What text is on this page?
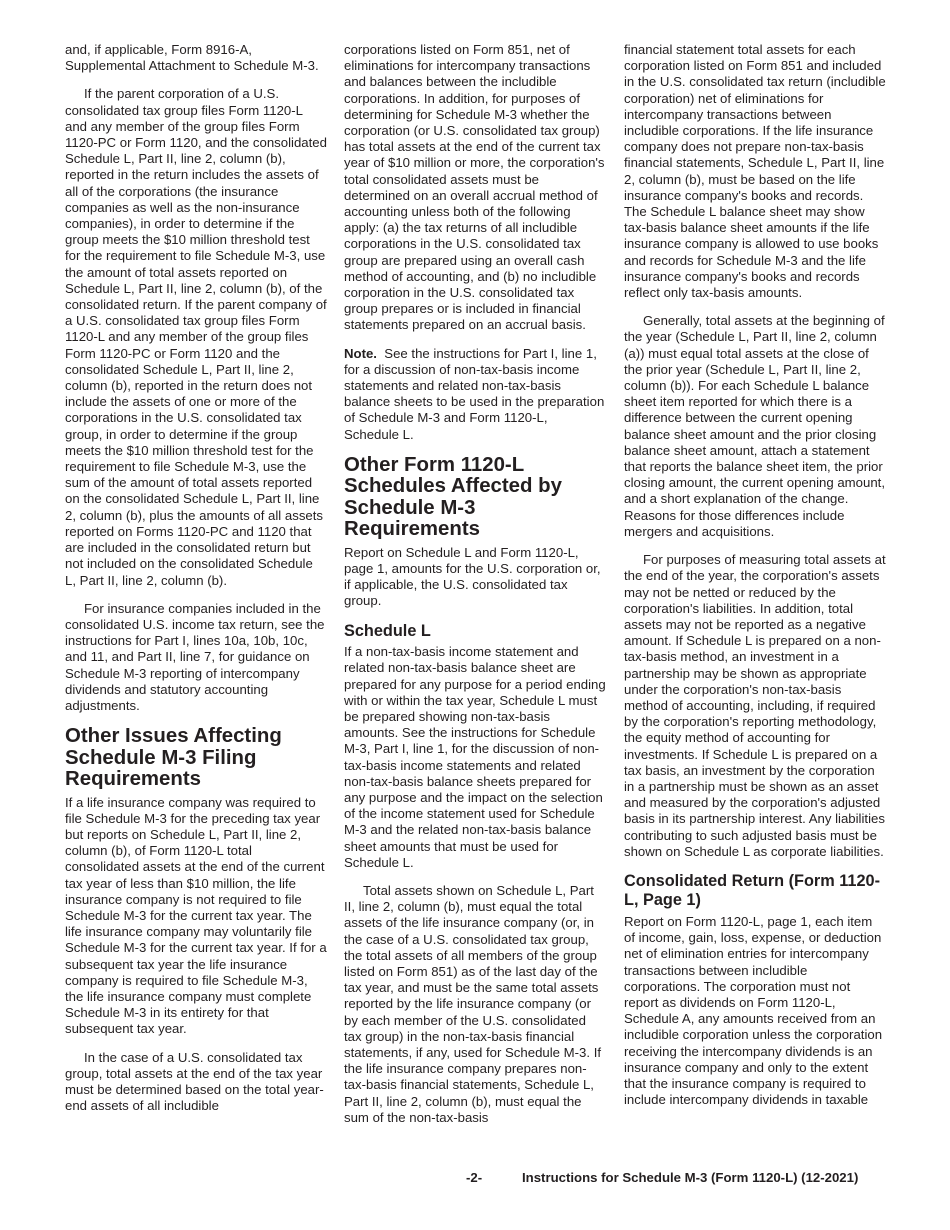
and, if applicable, Form 8916-A, Supplemental Attachment to Schedule M-3.

If the parent corporation of a U.S. consolidated tax group files Form 1120-L and any member of the group files Form 1120-PC or Form 1120, and the consolidated Schedule L, Part II, line 2, column (b), reported in the return includes the assets of all of the corporations (the insurance companies as well as the non-insurance companies), in order to determine if the group meets the $10 million threshold test for the requirement to file Schedule M-3, use the amount of total assets reported on Schedule L, Part II, line 2, column (b), of the consolidated return. If the parent company of a U.S. consolidated tax group files Form 1120-L and any member of the group files Form 1120-PC or Form 1120 and the consolidated Schedule L, Part II, line 2, column (b), reported in the return does not include the assets of one or more of the corporations in the U.S. consolidated tax group, in order to determine if the group meets the $10 million threshold test for the requirement to file Schedule M-3, use the sum of the amount of total assets reported on the consolidated Schedule L, Part II, line 2, column (b), plus the amounts of all assets reported on Forms 1120-PC and 1120 that are included in the consolidated return but not included on the consolidated Schedule L, Part II, line 2, column (b).

For insurance companies included in the consolidated U.S. income tax return, see the instructions for Part I, lines 10a, 10b, 10c, and 11, and Part II, line 7, for guidance on Schedule M-3 reporting of intercompany dividends and statutory accounting adjustments.

Other Issues Affecting Schedule M-3 Filing Requirements

If a life insurance company was required to file Schedule M-3 for the preceding tax year but reports on Schedule L, Part II, line 2, column (b), of Form 1120-L total consolidated assets at the end of the current tax year of less than $10 million, the life insurance company is not required to file Schedule M-3 for the current tax year. The life insurance company may voluntarily file Schedule M-3 for the current tax year. If for a subsequent tax year the life insurance company is required to file Schedule M-3, the life insurance company must complete Schedule M-3 in its entirety for that subsequent tax year.

In the case of a U.S. consolidated tax group, total assets at the end of the tax year must be determined based on the total year-end assets of all includible

corporations listed on Form 851, net of eliminations for intercompany transactions and balances between the includible corporations. In addition, for purposes of determining for Schedule M-3 whether the corporation (or U.S. consolidated tax group) has total assets at the end of the current tax year of $10 million or more, the corporation's total consolidated assets must be determined on an overall accrual method of accounting unless both of the following apply: (a) the tax returns of all includible corporations in the U.S. consolidated tax group are prepared using an overall cash method of accounting, and (b) no includible corporation in the U.S. consolidated tax group prepares or is included in financial statements prepared on an accrual basis.

Note. See the instructions for Part I, line 1, for a discussion of non-tax-basis income statements and related non-tax-basis balance sheets to be used in the preparation of Schedule M-3 and Form 1120-L, Schedule L.

Other Form 1120-L Schedules Affected by Schedule M-3 Requirements

Report on Schedule L and Form 1120-L, page 1, amounts for the U.S. corporation or, if applicable, the U.S. consolidated tax group.

Schedule L

If a non-tax-basis income statement and related non-tax-basis balance sheet are prepared for any purpose for a period ending with or within the tax year, Schedule L must be prepared showing non-tax-basis amounts. See the instructions for Schedule M-3, Part I, line 1, for the discussion of non-tax-basis income statements and related non-tax-basis balance sheets prepared for any purpose and the impact on the selection of the income statement used for Schedule M-3 and the related non-tax-basis balance sheet amounts that must be used for Schedule L.

Total assets shown on Schedule L, Part II, line 2, column (b), must equal the total assets of the life insurance company (or, in the case of a U.S. consolidated tax group, the total assets of all members of the group listed on Form 851) as of the last day of the tax year, and must be the same total assets reported by the life insurance company (or by each member of the U.S. consolidated tax group) in the non-tax-basis financial statements, if any, used for Schedule M-3. If the life insurance company prepares non-tax-basis financial statements, Schedule L, Part II, line 2, column (b), must equal the sum of the non-tax-basis

financial statement total assets for each corporation listed on Form 851 and included in the U.S. consolidated tax return (includible corporation) net of eliminations for intercompany transactions between includible corporations. If the life insurance company does not prepare non-tax-basis financial statements, Schedule L, Part II, line 2, column (b), must be based on the life insurance company's books and records. The Schedule L balance sheet may show tax-basis balance sheet amounts if the life insurance company is allowed to use books and records for Schedule M-3 and the life insurance company's books and records reflect only tax-basis amounts.

Generally, total assets at the beginning of the year (Schedule L, Part II, line 2, column (a)) must equal total assets at the close of the prior year (Schedule L, Part II, line 2, column (b)). For each Schedule L balance sheet item reported for which there is a difference between the current opening balance sheet amount and the prior closing balance sheet amount, attach a statement that reports the balance sheet item, the prior closing amount, the current opening amount, and a short explanation of the change. Reasons for those differences include mergers and acquisitions.

For purposes of measuring total assets at the end of the year, the corporation's assets may not be netted or reduced by the corporation's liabilities. In addition, total assets may not be reported as a negative amount. If Schedule L is prepared on a non-tax-basis method, an investment in a partnership may be shown as appropriate under the corporation's non-tax-basis method of accounting, including, if required by the corporation's reporting methodology, the equity method of accounting for investments. If Schedule L is prepared on a tax basis, an investment by the corporation in a partnership must be shown as an asset and measured by the corporation's adjusted basis in its partnership interest. Any liabilities contributing to such adjusted basis must be shown on Schedule L as corporate liabilities.

Consolidated Return (Form 1120-L, Page 1)

Report on Form 1120-L, page 1, each item of income, gain, loss, expense, or deduction net of elimination entries for intercompany transactions between includible corporations. The corporation must not report as dividends on Form 1120-L, Schedule A, any amounts received from an includible corporation unless the corporation receiving the intercompany dividends is an insurance company and only to the extent that the insurance company is required to include intercompany dividends in taxable

-2-	Instructions for Schedule M-3 (Form 1120-L) (12-2021)
